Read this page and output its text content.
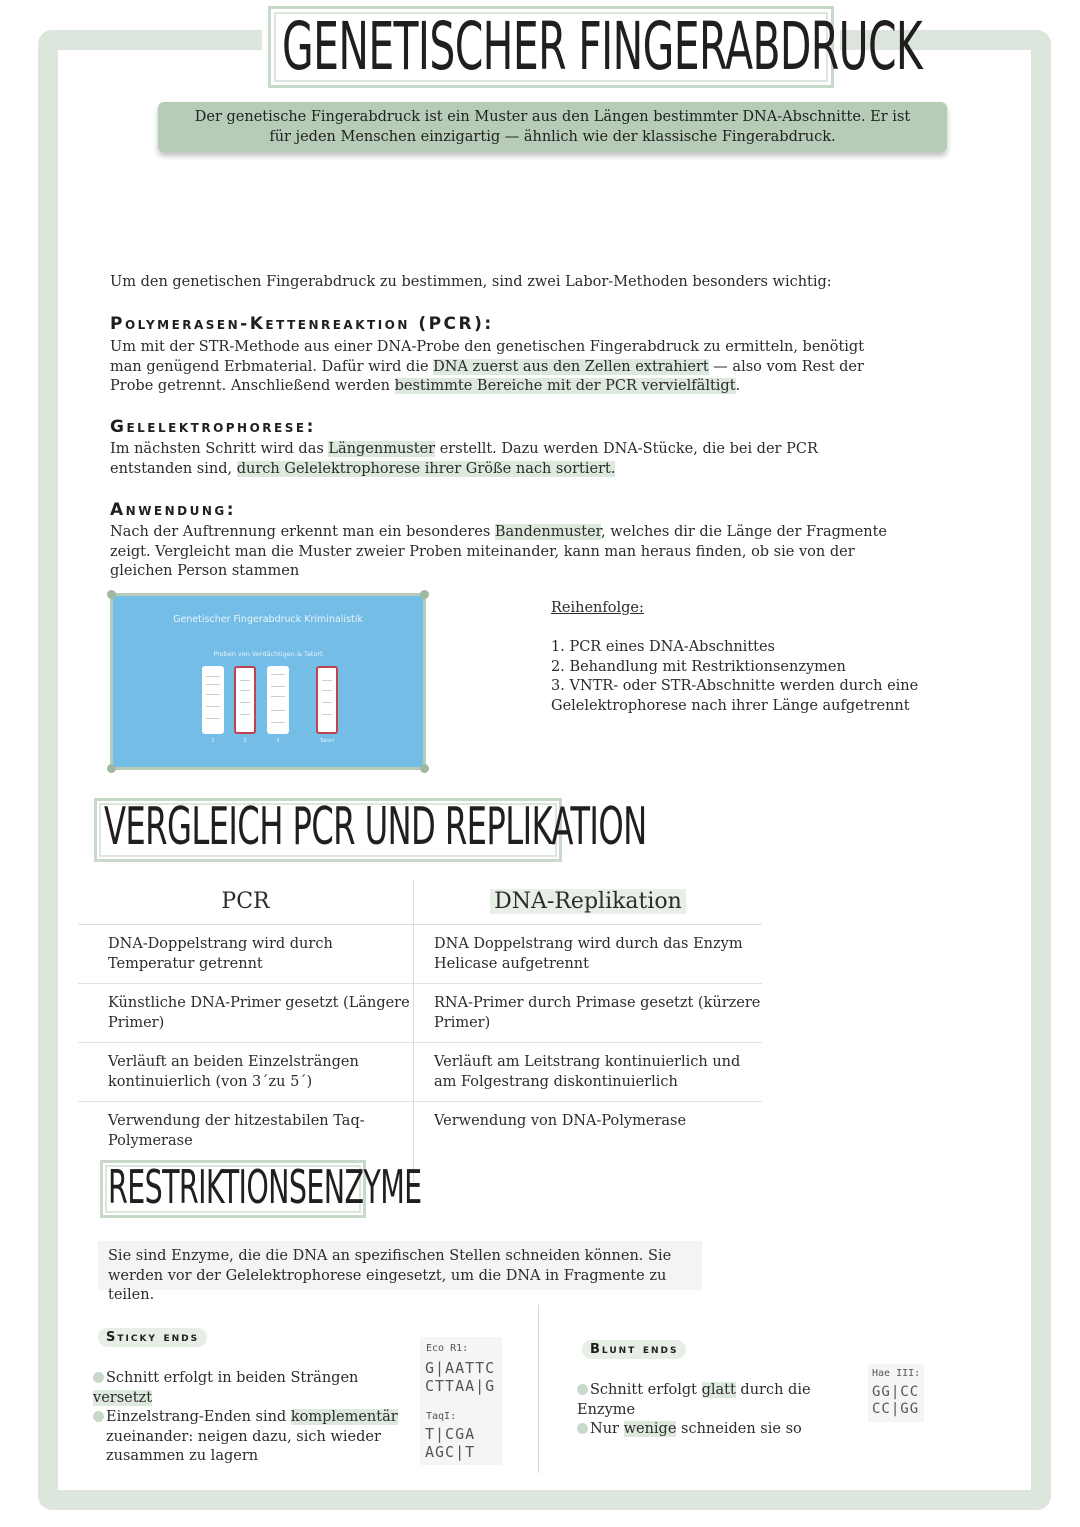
GENETISCHER FINGERABDRUCK
Der genetische Fingerabdruck ist ein Muster aus den Längen bestimmter DNA-Abschnitte. Er ist für jeden Menschen einzigartig — ähnlich wie der klassische Fingerabdruck.
Um den genetischen Fingerabdruck zu bestimmen, sind zwei Labor-Methoden besonders wichtig:
Polymerasen-Kettenreaktion (PCR):
Um mit der STR-Methode aus einer DNA-Probe den genetischen Fingerabdruck zu ermitteln, benötigt man genügend Erbmaterial. Dafür wird die DNA zuerst aus den Zellen extrahiert — also vom Rest der Probe getrennt. Anschließend werden bestimmte Bereiche mit der PCR vervielfältigt.
Gelelektrophorese:
Im nächsten Schritt wird das Längenmuster erstellt. Dazu werden DNA-Stücke, die bei der PCR entstanden sind, durch Gelelektrophorese ihrer Größe nach sortiert.
Anwendung:
Nach der Auftrennung erkennt man ein besonderes Bandenmuster, welches dir die Länge der Fragmente zeigt. Vergleicht man die Muster zweier Proben miteinander, kann man heraus finden, ob sie von der gleichen Person stammen
Genetischer Fingerabdruck Kriminalistik
Proben von Verdächtigen & Tatort
1	2	3	Tatort
Reihenfolge:
1. PCR eines DNA-Abschnittes
2. Behandlung mit Restriktionsenzymen
3. VNTR- oder STR-Abschnitte werden durch eine
Gelelektrophorese nach ihrer Länge aufgetrennt
VERGLEICH PCR UND REPLIKATION
PCR	DNA-Replikation
DNA-Doppelstrang wird durch Temperatur getrennt	DNA Doppelstrang wird durch das Enzym Helicase aufgetrennt
Künstliche DNA-Primer gesetzt (Längere Primer)	RNA-Primer durch Primase gesetzt (kürzere Primer)
Verläuft an beiden Einzelsträngen kontinuierlich (von 3´zu 5´)	Verläuft am Leitstrang kontinuierlich und am Folgestrang diskontinuierlich
Verwendung der hitzestabilen Taq-Polymerase	Verwendung von DNA-Polymerase
RESTRIKTIONSENZYME
Sie sind Enzyme, die die DNA an spezifischen Stellen schneiden können. Sie werden vor der Gelelektrophorese eingesetzt, um die DNA in Fragmente zu teilen.
Sticky ends
Schnitt erfolgt in beiden Strängen versetzt
Einzelstrang-Enden sind komplementär
zueinander: neigen dazu, sich wieder
zusammen zu lagern
Eco R1:
G|AATTC
CTTAA|G
TaqI:
T|CGA
AGC|T
Blunt ends
Schnitt erfolgt glatt durch die Enzyme
Nur wenige schneiden sie so
Hae III:
GG|CC
CC|GG
